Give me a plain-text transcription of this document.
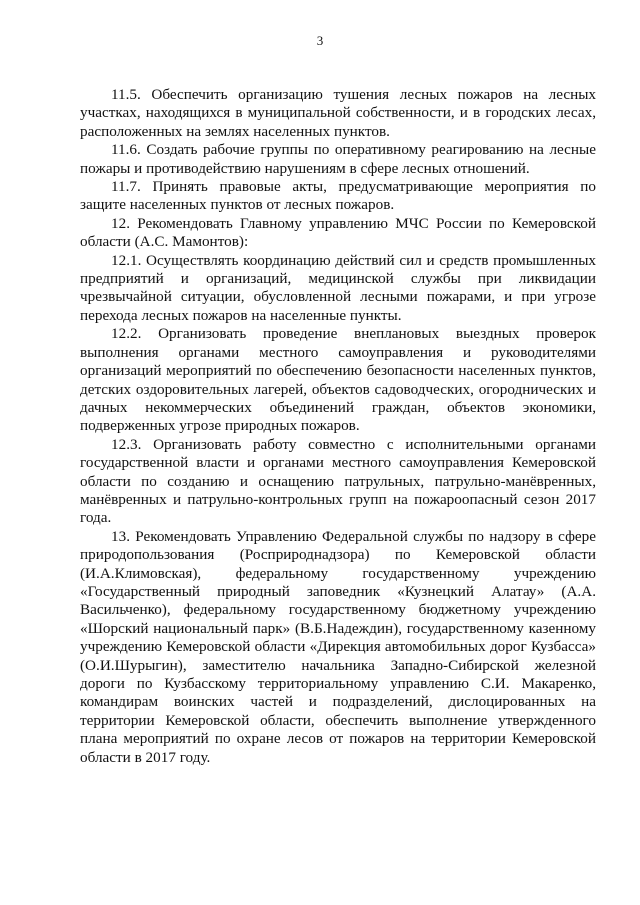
3

11.5. Обеспечить организацию тушения лесных пожаров на лесных участках, находящихся в муниципальной собственности, и в городских лесах, расположенных на землях населенных пунктов.

11.6. Создать рабочие группы по оперативному реагированию на лесные пожары и противодействию нарушениям в сфере лесных отношений.

11.7. Принять правовые акты, предусматривающие мероприятия по защите населенных пунктов от лесных пожаров.

12. Рекомендовать Главному управлению МЧС России по Кемеровской области (А.С. Мамонтов):

12.1. Осуществлять координацию действий сил и средств промышленных предприятий и организаций, медицинской службы при ликвидации чрезвычайной ситуации, обусловленной лесными пожарами, и при угрозе перехода лесных пожаров на населенные пункты.

12.2. Организовать проведение внеплановых выездных проверок выполнения органами местного самоуправления и руководителями организаций мероприятий по обеспечению безопасности населенных пунктов, детских оздоровительных лагерей, объектов садоводческих, огороднических и дачных некоммерческих объединений граждан, объектов экономики, подверженных угрозе природных пожаров.

12.3. Организовать работу совместно с исполнительными органами государственной власти и органами местного самоуправления Кемеровской области по созданию и оснащению патрульных, патрульно-манёвренных, манёвренных и патрульно-контрольных групп на пожароопасный сезон 2017 года.

13. Рекомендовать Управлению Федеральной службы по надзору в сфере природопользования (Росприроднадзора) по Кемеровской области (И.А.Климовская), федеральному государственному учреждению «Государственный природный заповедник «Кузнецкий Алатау» (А.А. Васильченко), федеральному государственному бюджетному учреждению «Шорский национальный парк» (В.Б.Надеждин), государственному казенному учреждению Кемеровской области «Дирекция автомобильных дорог Кузбасса» (О.И.Шурыгин), заместителю начальника Западно-Сибирской железной дороги по Кузбасскому территориальному управлению С.И. Макаренко, командирам воинских частей и подразделений, дислоцированных на территории Кемеровской области, обеспечить выполнение утвержденного плана мероприятий по охране лесов от пожаров на территории Кемеровской области в 2017 году.
